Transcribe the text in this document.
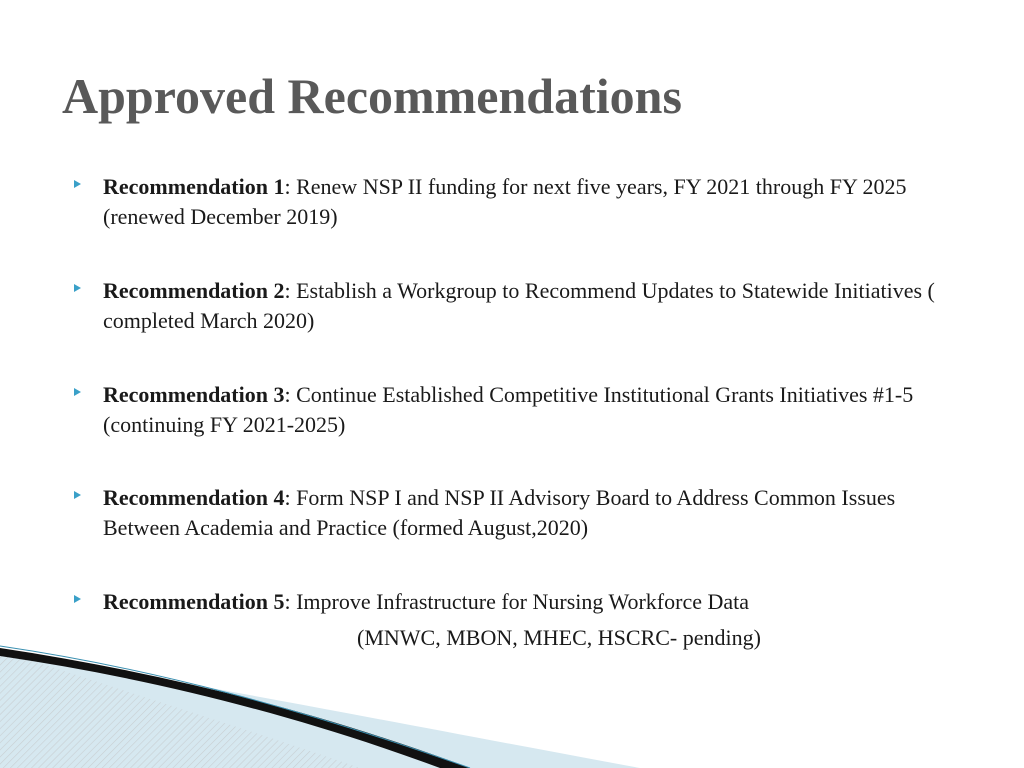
Approved Recommendations
Recommendation 1: Renew NSP II funding for next five years, FY 2021 through FY 2025 (renewed December 2019)
Recommendation 2: Establish a Workgroup to Recommend Updates to Statewide Initiatives ( completed March 2020)
Recommendation 3: Continue Established Competitive Institutional Grants Initiatives #1-5 (continuing FY 2021-2025)
Recommendation 4: Form NSP I and NSP II Advisory Board to Address Common Issues Between Academia and Practice (formed August,2020)
Recommendation 5: Improve Infrastructure for Nursing Workforce Data
(MNWC, MBON, MHEC, HSCRC- pending)
